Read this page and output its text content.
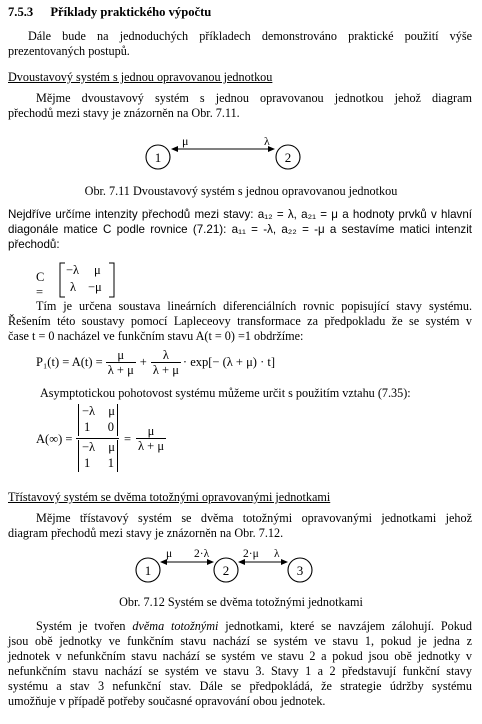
7.5.3 Příklady praktického výpočtu
Dále bude na jednoduchých příkladech demonstrováno praktické použití výše
prezentovaných postupů.
Dvoustavový systém s jednou opravovanou jednotkou
Mějme dvoustavový systém s jednou opravovanou jednotkou jehož diagram
přechodů mezi stavy je znázorněn na Obr. 7.11.
1	2
μ	λ
Obr. 7.11 Dvoustavový systém s jednou opravovanou jednotkou
Nejdříve určíme intenzity přechodů mezi stavy: a₁₂ = λ, a₂₁ = μ a hodnoty prvků v hlavní
diagonále matice C podle rovnice (7.21): a₁₁ = -λ, a₂₂ = -μ a sestavíme matici intenzit
přechodů:
C =
−λ μ
λ −μ
Tím je určena soustava lineárních diferenciálních rovnic popisující stavy systému.
Řešením této soustavy pomocí Lapleceovy transformace za předpokladu že se systém v
čase t = 0 nacházel ve funkčním stavu A(t = 0) =1 obdržíme:
$P_1(t) = A(t) = \frac{\mu}{\lambda + \mu} + \frac{\lambda}{\lambda + \mu} \cdot \exp[- (\lambda + \mu) \cdot t]$
Asymptotickou pohotovost systému můžeme určit s použitím vztahu (7.35):
A(∞) =
−λ μ
1 0
−λ μ
1 1
= $\frac{\mu}{\lambda + \mu}$
Třístavový systém se dvěma totožnými opravovanými jednotkami
Mějme třístavový systém se dvěma totožnými opravovanými jednotkami jehož
diagram přechodů mezi stavy je znázorněn na Obr. 7.12.
1	2	3
μ 2·λ	2·μ λ
Obr. 7.12 Systém se dvěma totožnými jednotkami
Systém je tvořen dvěma totožnými jednotkami, které se navzájem zálohují. Pokud
jsou obě jednotky ve funkčním stavu nachází se systém ve stavu 1, pokud je jedna z
jednotek v nefunkčním stavu nachází se systém ve stavu 2 a pokud jsou obě jednotky v
nefunkčním stavu nachází se systém ve stavu 3. Stavy 1 a 2 představují funkční stavy
systému a stav 3 nefunkční stav. Dále se předpokládá, že strategie údržby systému
umožňuje v případě potřeby současné opravování obou jednotek.
